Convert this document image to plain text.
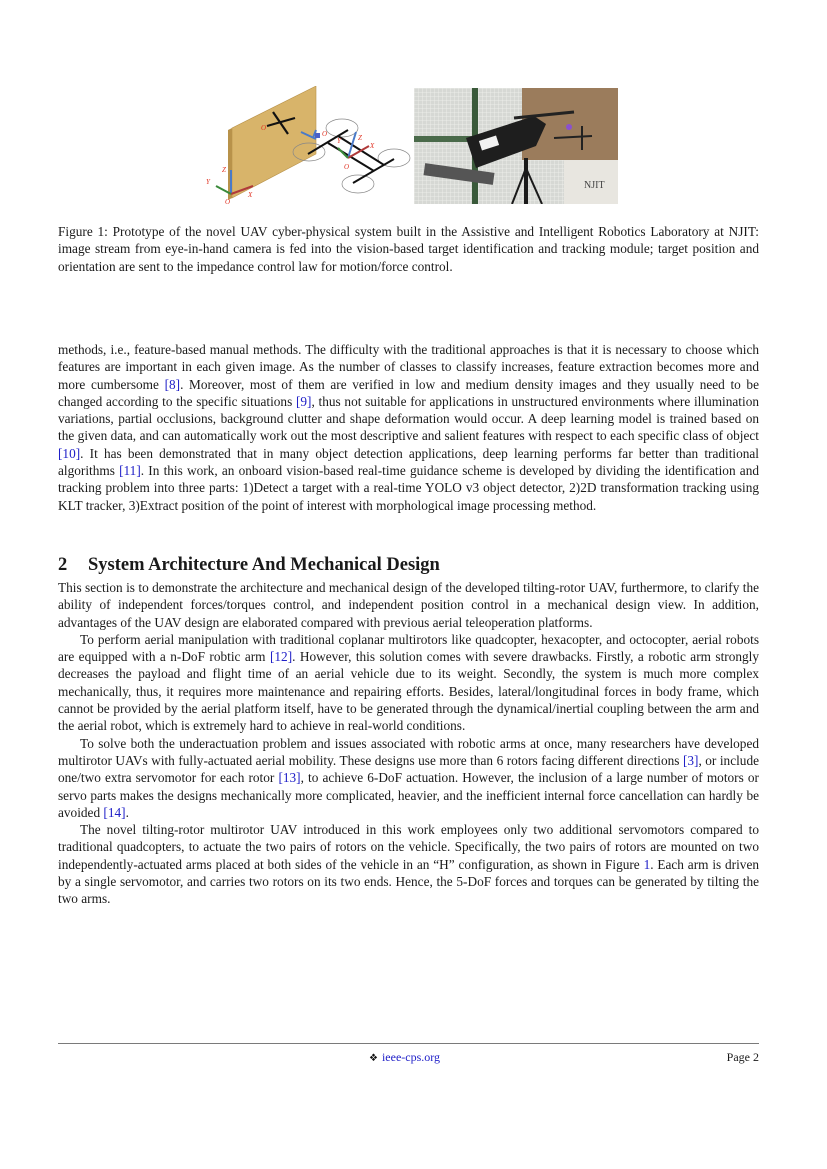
O
Z
Y
X
O
O	Z
X
Y
O
NJIT
Figure 1: Prototype of the novel UAV cyber-physical system built in the Assistive and Intelligent Robotics Laboratory at NJIT: image stream from eye-in-hand camera is fed into the vision-based target identification and tracking module; target position and orientation are sent to the impedance control law for motion/force control.

methods, i.e., feature-based manual methods. The difficulty with the traditional approaches is that it is necessary to choose which features are important in each given image. As the number of classes to classify increases, feature extraction becomes more and more cumbersome [8]. Moreover, most of them are verified in low and medium density images and they usually need to be changed according to the specific situations [9], thus not suitable for applications in unstructured environments where illumination variations, partial occlusions, background clutter and shape deformation would occur. A deep learning model is trained based on the given data, and can automatically work out the most descriptive and salient features with respect to each specific class of object [10]. It has been demonstrated that in many object detection applications, deep learning performs far better than traditional algorithms [11]. In this work, an onboard vision-based real-time guidance scheme is developed by dividing the identification and tracking problem into three parts: 1)Detect a target with a real-time YOLO v3 object detector, 2)2D transformation tracking using KLT tracker, 3)Extract position of the point of interest with morphological image processing method.

2 System Architecture And Mechanical Design

This section is to demonstrate the architecture and mechanical design of the developed tilting-rotor UAV, furthermore, to clarify the ability of independent forces/torques control, and independent position control in a mechanical design view. In addition, advantages of the UAV design are elaborated compared with previous aerial teleoperation platforms.

To perform aerial manipulation with traditional coplanar multirotors like quadcopter, hexacopter, and octocopter, aerial robots are equipped with a n-DoF robtic arm [12]. However, this solution comes with severe drawbacks. Firstly, a robotic arm strongly decreases the payload and flight time of an aerial vehicle due to its weight. Secondly, the system is much more complex mechanically, thus, it requires more maintenance and repairing efforts. Besides, lateral/longitudinal forces in body frame, which cannot be provided by the aerial platform itself, have to be generated through the dynamical/inertial coupling between the arm and the aerial robot, which is extremely hard to achieve in real-world conditions.

To solve both the underactuation problem and issues associated with robotic arms at once, many researchers have developed multirotor UAVs with fully-actuated aerial mobility. These designs use more than 6 rotors facing different directions [3], or include one/two extra servomotor for each rotor [13], to achieve 6-DoF actuation. However, the inclusion of a large number of motors or servo parts makes the designs mechanically more complicated, heavier, and the inefficient internal force cancellation can hardly be avoided [14].

The novel tilting-rotor multirotor UAV introduced in this work employees only two additional servomotors compared to traditional quadcopters, to actuate the two pairs of rotors on the vehicle. Specifically, the two pairs of rotors are mounted on two independently-actuated arms placed at both sides of the vehicle in an “H” configuration, as shown in Figure 1. Each arm is driven by a single servomotor, and carries two rotors on its two ends. Hence, the 5-DoF forces and torques can be generated by tilting the two arms.

❖ ieee-cps.org	Page 2
